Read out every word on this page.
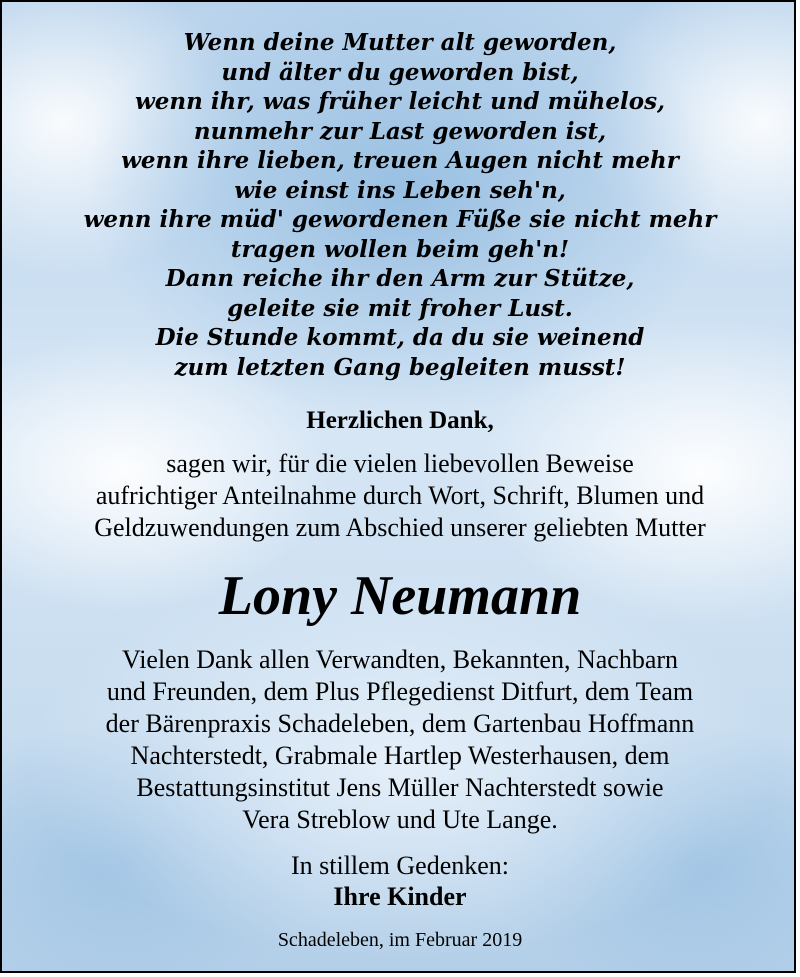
Wenn deine Mutter alt geworden,
und älter du geworden bist,
wenn ihr, was früher leicht und mühelos,
nunmehr zur Last geworden ist,
wenn ihre lieben, treuen Augen nicht mehr
wie einst ins Leben seh'n,
wenn ihre müd' gewordenen Füße sie nicht mehr
tragen wollen beim geh'n!
Dann reiche ihr den Arm zur Stütze,
geleite sie mit froher Lust.
Die Stunde kommt, da du sie weinend
zum letzten Gang begleiten musst!
Herzlichen Dank,
sagen wir, für die vielen liebevollen Beweise
aufrichtiger Anteilnahme durch Wort, Schrift, Blumen und
Geldzuwendungen zum Abschied unserer geliebten Mutter
Lony Neumann
Vielen Dank allen Verwandten, Bekannten, Nachbarn
und Freunden, dem Plus Pflegedienst Ditfurt, dem Team
der Bärenpraxis Schadeleben, dem Gartenbau Hoffmann
Nachterstedt, Grabmale Hartlep Westerhausen, dem
Bestattungsinstitut Jens Müller Nachterstedt sowie
Vera Streblow und Ute Lange.
In stillem Gedenken:
Ihre Kinder
Schadeleben, im Februar 2019
